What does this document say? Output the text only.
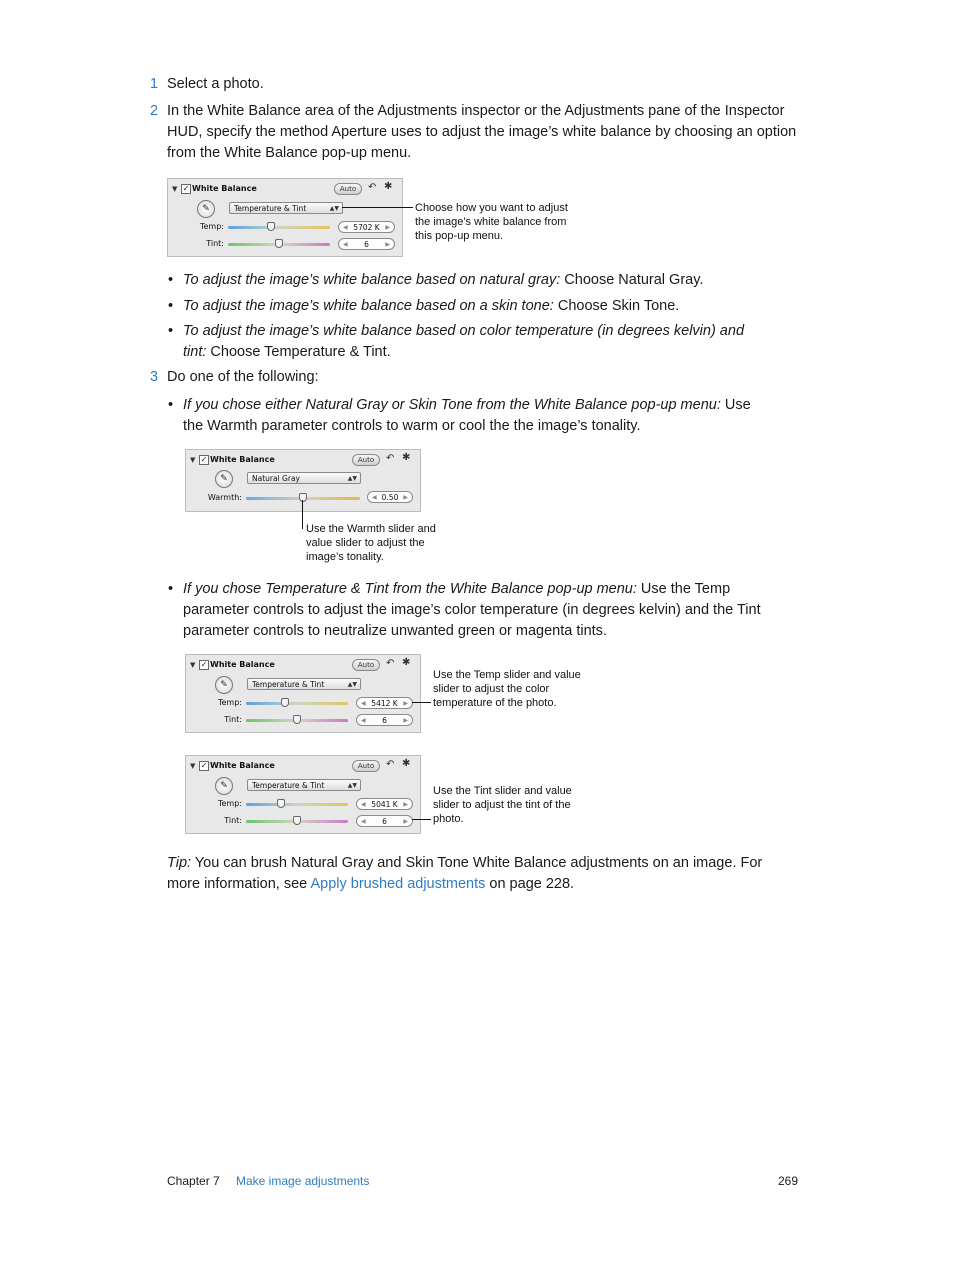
1 Select a photo.
2 In the White Balance area of the Adjustments inspector or the Adjustments pane of the Inspector HUD, specify the method Aperture uses to adjust the image’s white balance by choosing an option from the White Balance pop-up menu.
▼ ✓ White Balance	Auto	↶ ✱
✎	Temperature & Tint	▲▼
Temp:	◀ 5702 K ▶
Tint:	◀ 6	▶
Choose how you want to adjust the image’s white balance from this pop-up menu.
• To adjust the image’s white balance based on natural gray: Choose Natural Gray.
• To adjust the image’s white balance based on a skin tone: Choose Skin Tone.
• To adjust the image’s white balance based on color temperature (in degrees kelvin) and tint: Choose Temperature & Tint.
3 Do one of the following:
• If you chose either Natural Gray or Skin Tone from the White Balance pop-up menu: Use the Warmth parameter controls to warm or cool the the image’s tonality.
▼ ✓ White Balance	Auto	↶ ✱
✎	Natural Gray	▲▼
Warmth:	◀ 0.50 ▶
Use the Warmth slider and value slider to adjust the image’s tonality.
• If you chose Temperature & Tint from the White Balance pop-up menu: Use the Temp parameter controls to adjust the image’s color temperature (in degrees kelvin) and the Tint parameter controls to neutralize unwanted green or magenta tints.
▼ ✓ White Balance	Auto	↶ ✱
✎	Temperature & Tint	▲▼
Temp:	◀ 5412 K ▶
Tint:	◀ 6	▶
Use the Temp slider and value slider to adjust the color temperature of the photo.
▼ ✓ White Balance	Auto	↶ ✱
✎	Temperature & Tint	▲▼
Temp:	◀ 5041 K ▶
Tint:	◀ 6	▶
Use the Tint slider and value slider to adjust the tint of the photo.
Tip: You can brush Natural Gray and Skin Tone White Balance adjustments on an image. For more information, see Apply brushed adjustments on page 228.
Chapter 7 Make image adjustments	269
